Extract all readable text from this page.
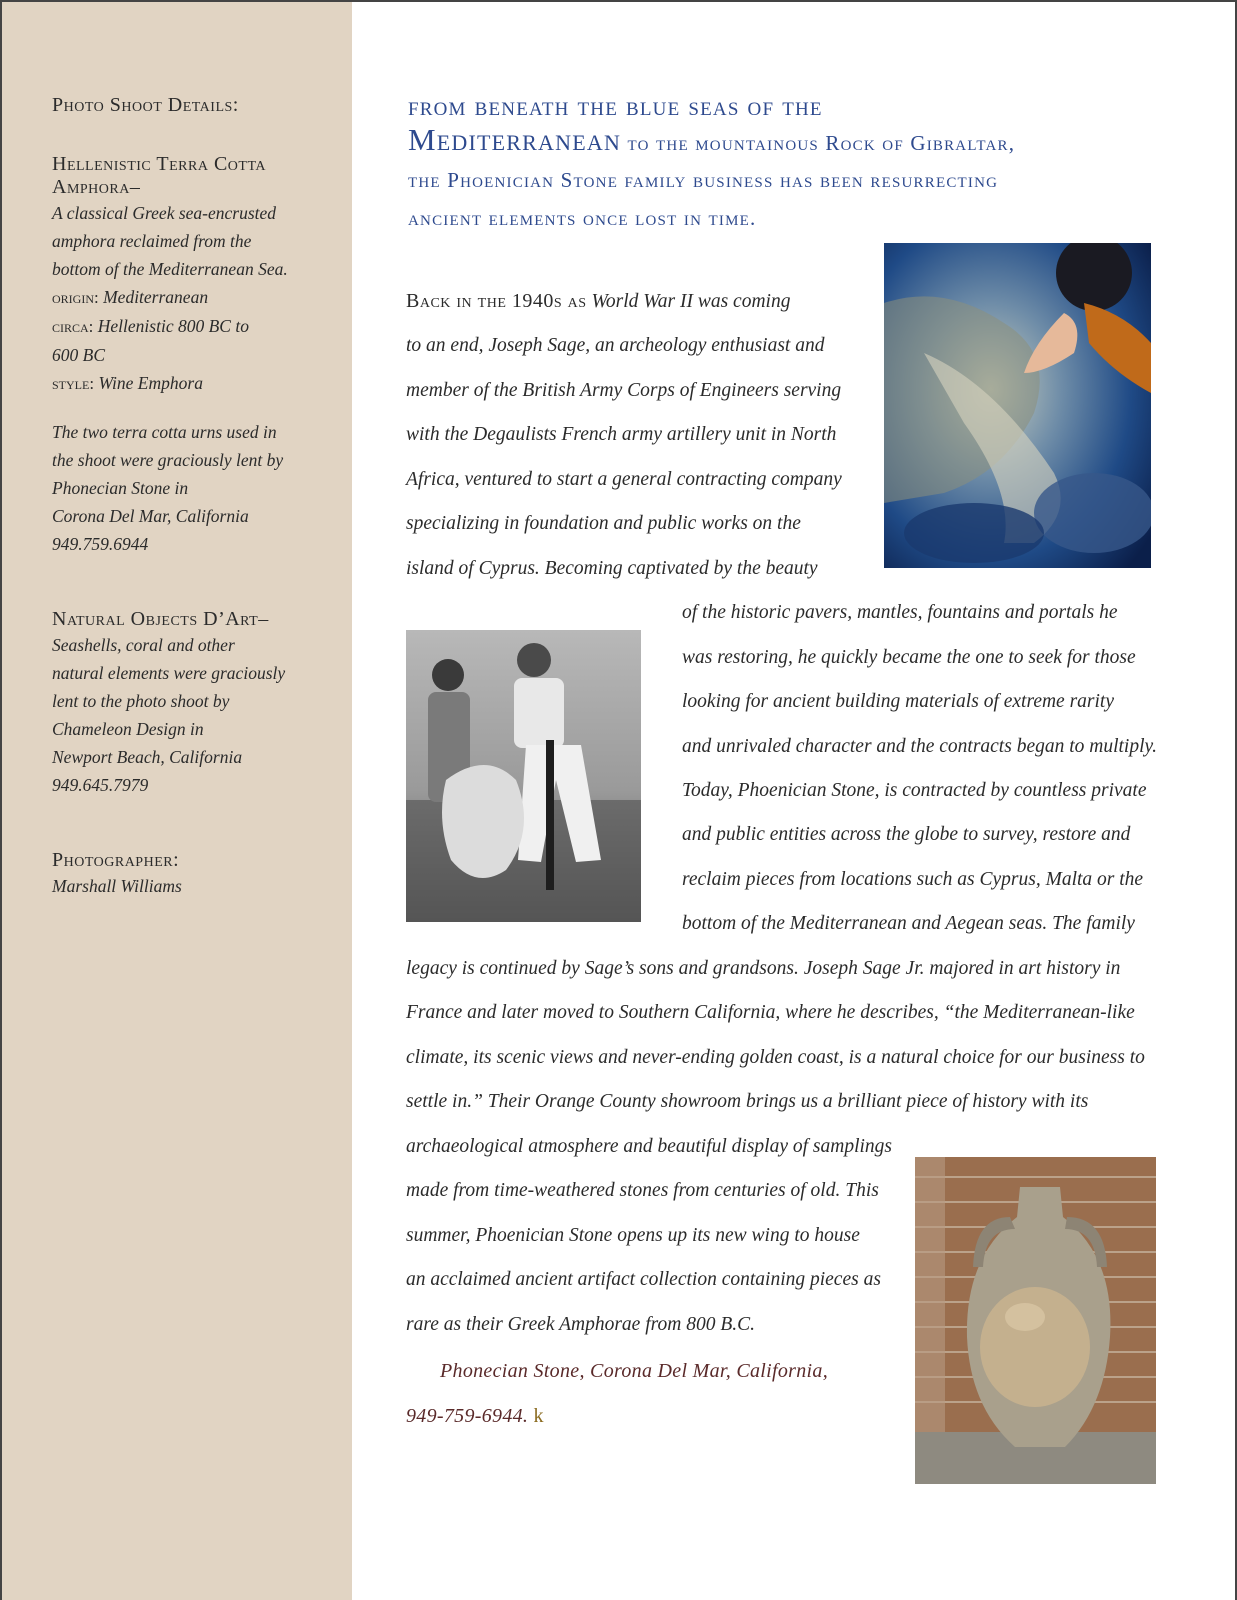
Photo Shoot Details:
Hellenistic Terra Cotta
Amphora–
A classical Greek sea-encrusted
amphora reclaimed from the
bottom of the Mediterranean Sea.
origin: Mediterranean
circa: Hellenistic 800 BC to
600 BC
style: Wine Emphora
The two terra cotta urns used in
the shoot were graciously lent by
Phonecian Stone in
Corona Del Mar, California
949.759.6944
Natural Objects D’Art–
Seashells, coral and other
natural elements were graciously
lent to the photo shoot by
Chameleon Design in
Newport Beach, California
949.645.7979
Photographer:
Marshall Williams
from beneath the blue seas of the
Mediterranean to the mountainous Rock of Gibraltar,
the Phoenician Stone family business has been resurrecting
ancient elements once lost in time.
Back in the 1940s as World War II was coming
to an end, Joseph Sage, an archeology enthusiast and
member of the British Army Corps of Engineers serving
with the Degaulists French army artillery unit in North
Africa, ventured to start a general contracting company
specializing in foundation and public works on the
island of Cyprus. Becoming captivated by the beauty
of the historic pavers, mantles, fountains and portals he
was restoring, he quickly became the one to seek for those
looking for ancient building materials of extreme rarity
and unrivaled character and the contracts began to multiply.
Today, Phoenician Stone, is contracted by countless private
and public entities across the globe to survey, restore and
reclaim pieces from locations such as Cyprus, Malta or the
bottom of the Mediterranean and Aegean seas. The family
legacy is continued by Sage’s sons and grandsons. Joseph Sage Jr. majored in art history in
France and later moved to Southern California, where he describes, “the Mediterranean-like
climate, its scenic views and never-ending golden coast, is a natural choice for our business to
settle in.” Their Orange County showroom brings us a brilliant piece of history with its
archaeological atmosphere and beautiful display of samplings
made from time-weathered stones from centuries of old. This
summer, Phoenician Stone opens up its new wing to house
an acclaimed ancient artifact collection containing pieces as
rare as their Greek Amphorae from 800 B.C.
Phonecian Stone, Corona Del Mar, California,
949-759-6944. k
